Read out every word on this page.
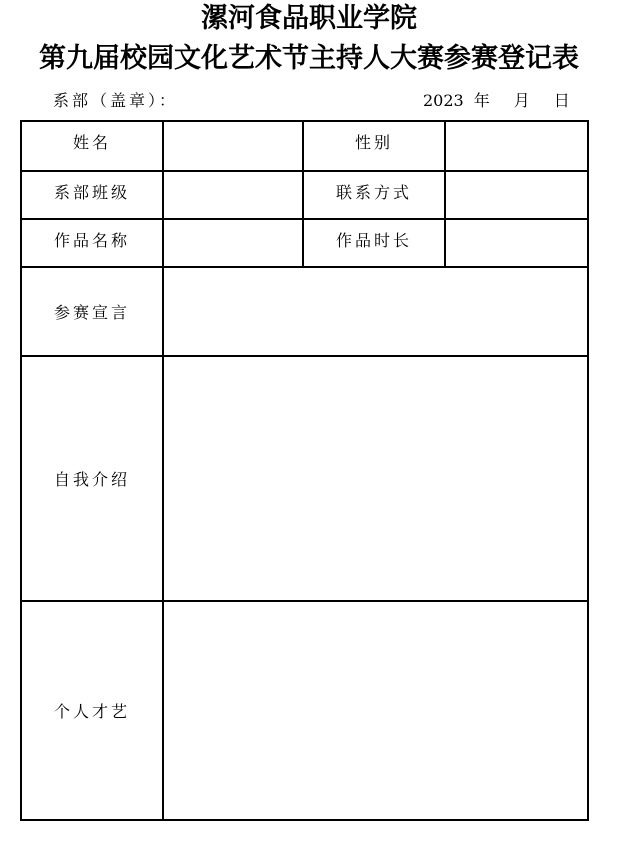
漯河食品职业学院
第九届校园文化艺术节主持人大赛参赛登记表
系部（盖章）：	2023 年 月 日
姓名		性别	
系部班级		联系方式	
作品名称		作品时长	
参赛宣言			
自我介绍			
个人才艺			
